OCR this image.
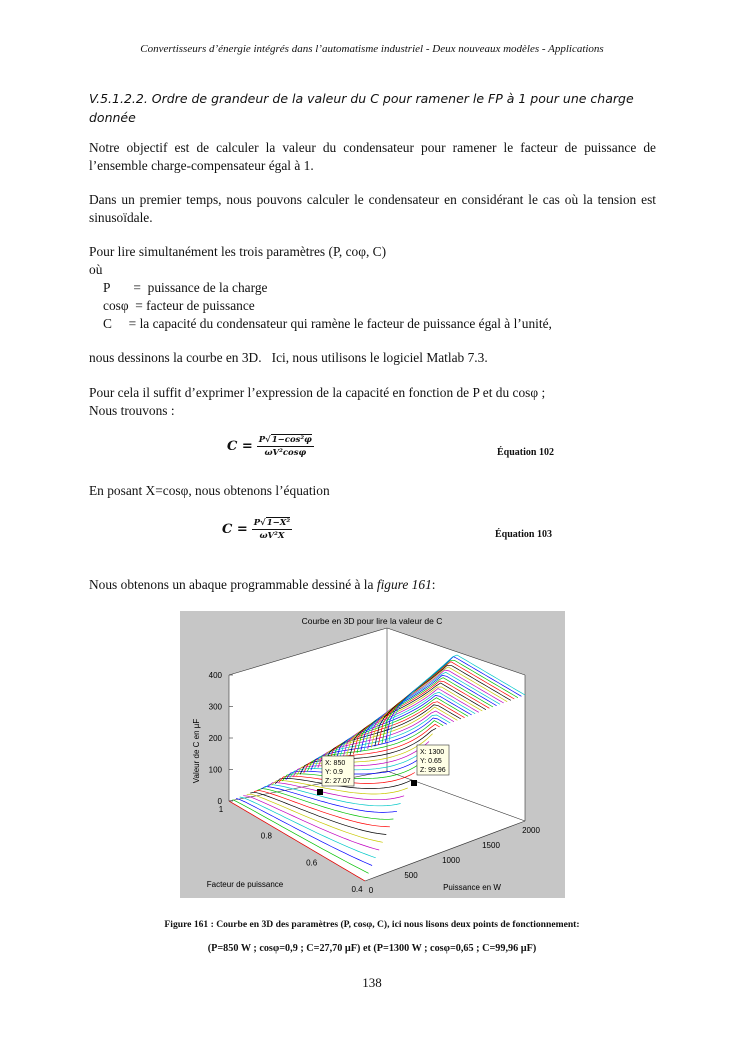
Convertisseurs d’énergie intégrés dans l’automatisme industriel - Deux nouveaux modèles - Applications
V.5.1.2.2. Ordre de grandeur de la valeur du C pour ramener le FP à 1 pour une charge donnée
Notre objectif est de calculer la valeur du condensateur pour ramener le facteur de puissance de l’ensemble charge-compensateur égal à 1.
Dans un premier temps, nous pouvons calculer le condensateur en considérant le cas où la tension est sinusoïdale.
Pour lire simultanément les trois paramètres (P, coφ, C)
où
P       =  puissance de la charge
cosφ  = facteur de puissance
C     = la capacité du condensateur qui ramène le facteur de puissance égal à l’unité,
nous dessinons la courbe en 3D.   Ici, nous utilisons le logiciel Matlab 7.3.
Pour cela il suffit d’exprimer l’expression de la capacité en fonction de P et du cosφ ;
Nous trouvons :
$C = \frac{\text{P√1−cos²φ}}{\text{ωV²cosφ}}$	Équation 102
En posant X=cosφ, nous obtenons l’équation
$C = \frac{\text{P√1−X²}}{\text{ωV²X}}$	Équation 103
Nous obtenons un abaque programmable dessiné à la figure 161:
0
100
200
300
400
1
0.8
0.6
0.4 0
500
1000
1500
2000
X: 850
Y: 0.9
Z: 27.07
X: 1300
Y: 0.65
Z: 99.96
Courbe en 3D pour lire la valeur de C
Valeur de C en µF
Facteur de puissance	Puissance en W
Figure 161 : Courbe en 3D des paramètres (P, cosφ, C), ici nous lisons deux points de fonctionnement:
(P=850 W ; cosφ=0,9 ; C=27,70 µF) et (P=1300 W ; cosφ=0,65 ; C=99,96 µF)
138
